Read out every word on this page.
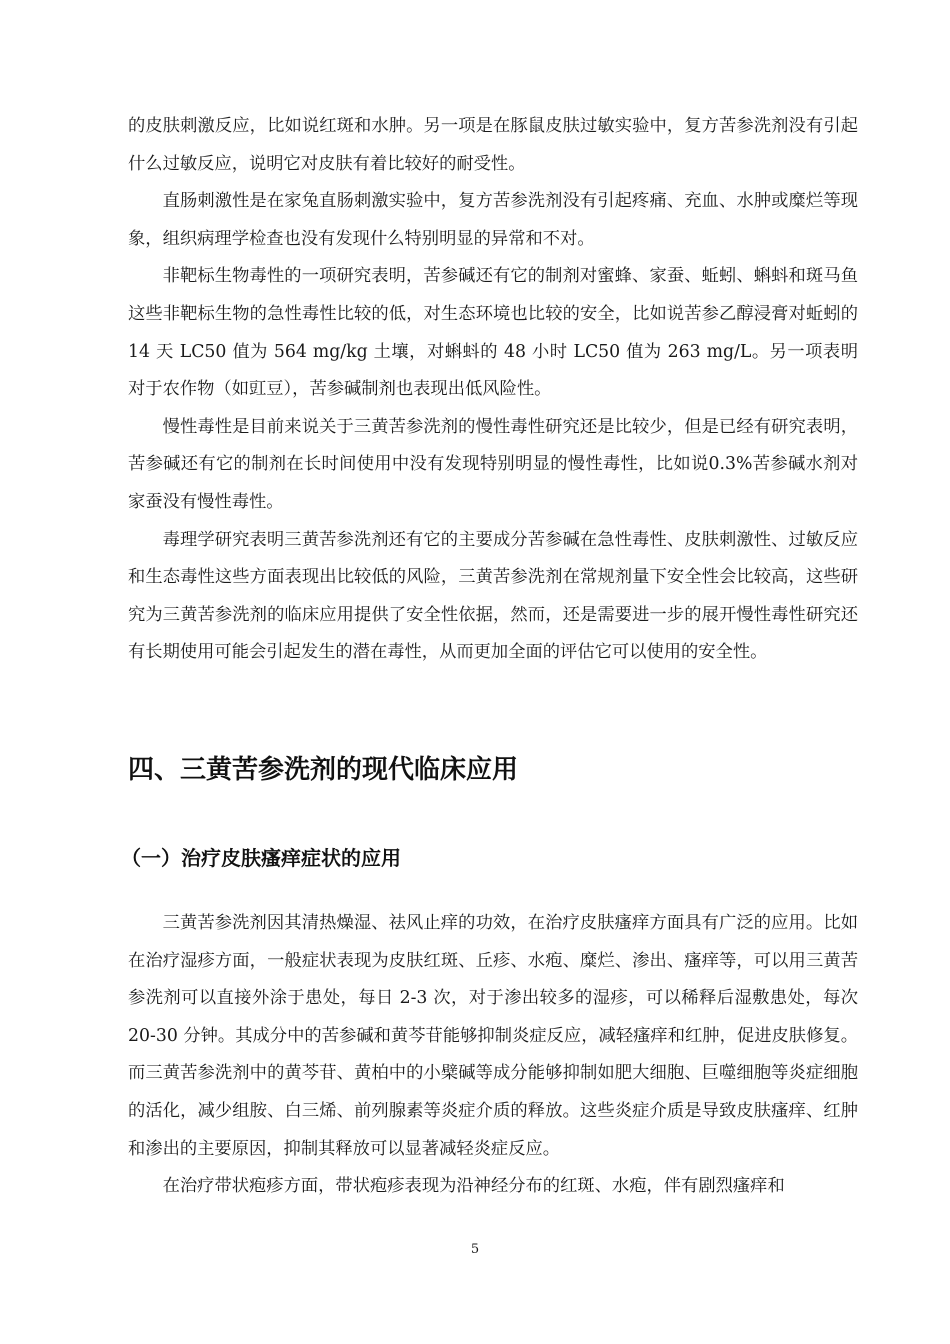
的皮肤刺激反应，比如说红斑和水肿。另一项是在豚鼠皮肤过敏实验中，复方苦参洗剂没有引起什么过敏反应，说明它对皮肤有着比较好的耐受性。

直肠刺激性是在家兔直肠刺激实验中，复方苦参洗剂没有引起疼痛、充血、水肿或糜烂等现象，组织病理学检查也没有发现什么特别明显的异常和不对。

非靶标生物毒性的一项研究表明，苦参碱还有它的制剂对蜜蜂、家蚕、蚯蚓、蝌蚪和斑马鱼这些非靶标生物的急性毒性比较的低，对生态环境也比较的安全，比如说苦参乙醇浸膏对蚯蚓的 14 天 LC50 值为 564 mg/kg 土壤，对蝌蚪的 48 小时 LC50 值为 263 mg/L。另一项表明对于农作物（如豇豆），苦参碱制剂也表现出低风险性。

慢性毒性是目前来说关于三黄苦参洗剂的慢性毒性研究还是比较少，但是已经有研究表明，苦参碱还有它的制剂在长时间使用中没有发现特别明显的慢性毒性，比如说0.3%苦参碱水剂对家蚕没有慢性毒性。

毒理学研究表明三黄苦参洗剂还有它的主要成分苦参碱在急性毒性、皮肤刺激性、过敏反应和生态毒性这些方面表现出比较低的风险，三黄苦参洗剂在常规剂量下安全性会比较高，这些研究为三黄苦参洗剂的临床应用提供了安全性依据，然而，还是需要进一步的展开慢性毒性研究还有长期使用可能会引起发生的潜在毒性，从而更加全面的评估它可以使用的安全性。

四、三黄苦参洗剂的现代临床应用
（一）治疗皮肤瘙痒症状的应用

三黄苦参洗剂因其清热燥湿、祛风止痒的功效，在治疗皮肤瘙痒方面具有广泛的应用。比如在治疗湿疹方面，一般症状表现为皮肤红斑、丘疹、水疱、糜烂、渗出、瘙痒等，可以用三黄苦参洗剂可以直接外涂于患处，每日 2-3 次，对于渗出较多的湿疹，可以稀释后湿敷患处，每次 20-30 分钟。其成分中的苦参碱和黄芩苷能够抑制炎症反应，减轻瘙痒和红肿，促进皮肤修复。而三黄苦参洗剂中的黄芩苷、黄柏中的小檗碱等成分能够抑制如肥大细胞、巨噬细胞等炎症细胞的活化，减少组胺、白三烯、前列腺素等炎症介质的释放。这些炎症介质是导致皮肤瘙痒、红肿和渗出的主要原因，抑制其释放可以显著减轻炎症反应。

在治疗带状疱疹方面，带状疱疹表现为沿神经分布的红斑、水疱，伴有剧烈瘙痒和

5
